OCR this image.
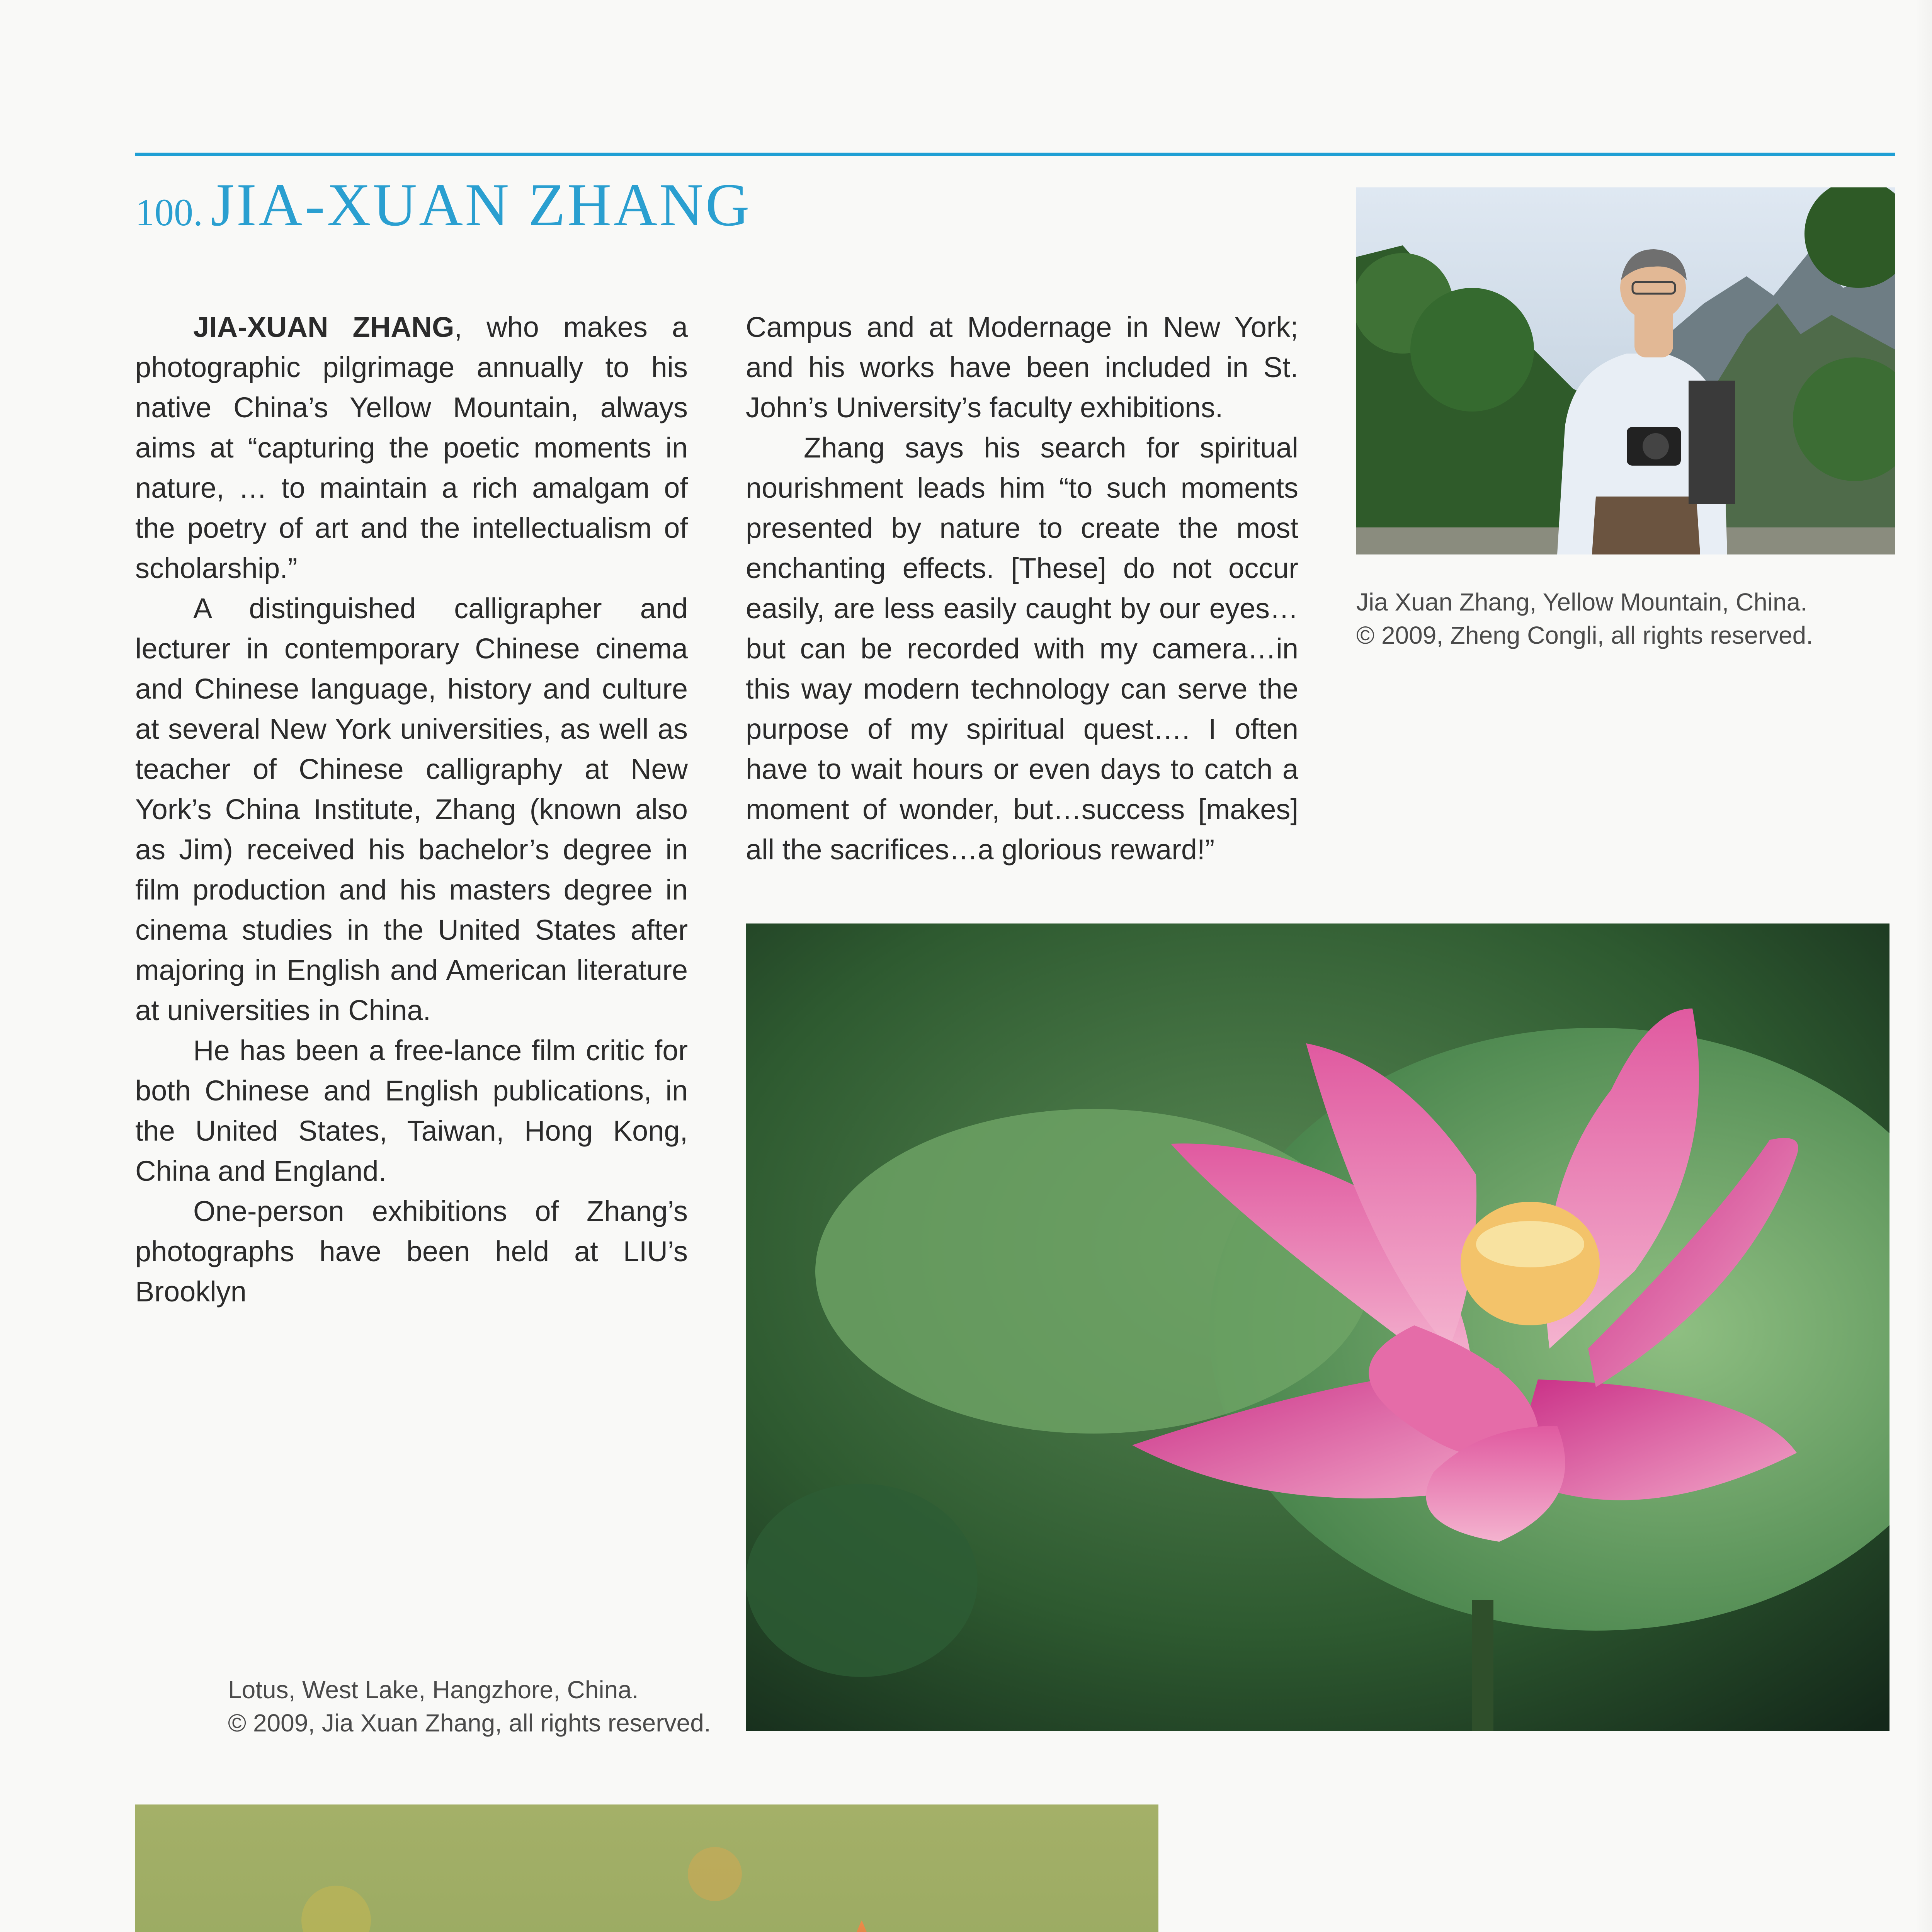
100. JIA-XUAN ZHANG

JIA-XUAN ZHANG, who makes a photographic pilgrimage annually to his native China’s Yellow Mountain, always aims at “capturing the poetic moments in nature, … to maintain a rich amalgam of the poetry of art and the intellectualism of scholarship.”

A distinguished calligrapher and lecturer in contemporary Chinese cinema and Chinese language, history and culture at several New York universities, as well as teacher of Chinese calligraphy at New York’s China Institute, Zhang (known also as Jim) received his bachelor’s degree in film production and his masters degree in cinema studies in the United States after majoring in English and American literature at universities in China.

He has been a free-lance film critic for both Chinese and English publications, in the United States, Taiwan, Hong Kong, China and England.

One-person exhibitions of Zhang’s photographs have been held at LIU’s Brooklyn

Campus and at Modernage in New York; and his works have been included in St. John’s University’s faculty exhibitions.

Zhang says his search for spiritual nourishment leads him “to such moments presented by nature to create the most enchanting effects. [These] do not occur easily, are less easily caught by our eyes… but can be recorded with my camera…in this way modern technology can serve the purpose of my spiritual quest…. I often have to wait hours or even days to catch a moment of wonder, but…success [makes] all the sacrifices…a glorious reward!”

Jia Xuan Zhang, Yellow Mountain, China.
© 2009, Zheng Congli, all rights reserved.
Lotus, West Lake, Hangzhore, China.
© 2009, Jia Xuan Zhang, all rights reserved.
